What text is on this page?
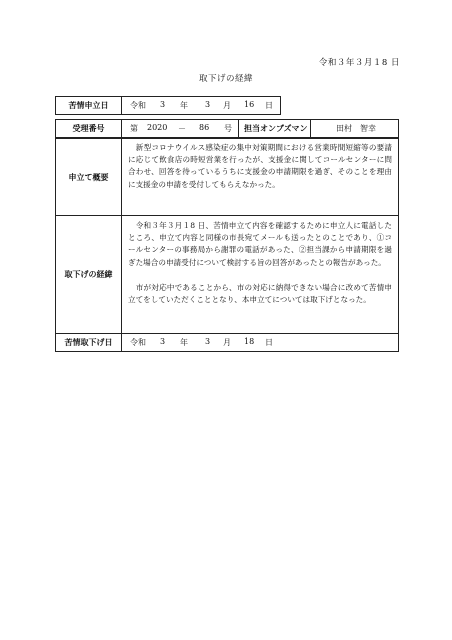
令和３年３月１8 日
取下げの経緯
苦情申立日	令和 3 年 3 月 16 日
受理番号	第 2020 － 86 号 担当オンブズマン	田村　智幸
申立て概要
　新型コロナウイルス感染症の集中対策期間における営業時間短縮等の要請に応じて飲食店の時短営業を行ったが、支援金に関してコールセンターに問合わせ、回答を待っているうちに支援金の申請期限を過ぎ、そのことを理由に支援金の申請を受付してもらえなかった。
取下げの経緯
　令和３年３月１8 日、苦情申立て内容を確認するために申立人に電話したところ、申立て内容と同様の市長宛てメールも送ったとのことであり、①コールセンターの事務局から謝罪の電話があった、②担当課から申請期限を過ぎた場合の申請受付について検討する旨の回答があったとの報告があった。
　市が対応中であることから、市の対応に納得できない場合に改めて苦情申立てをしていただくこととなり、本申立てについては取下げとなった。
苦情取下げ日	令和 3 年 3 月 18 日
